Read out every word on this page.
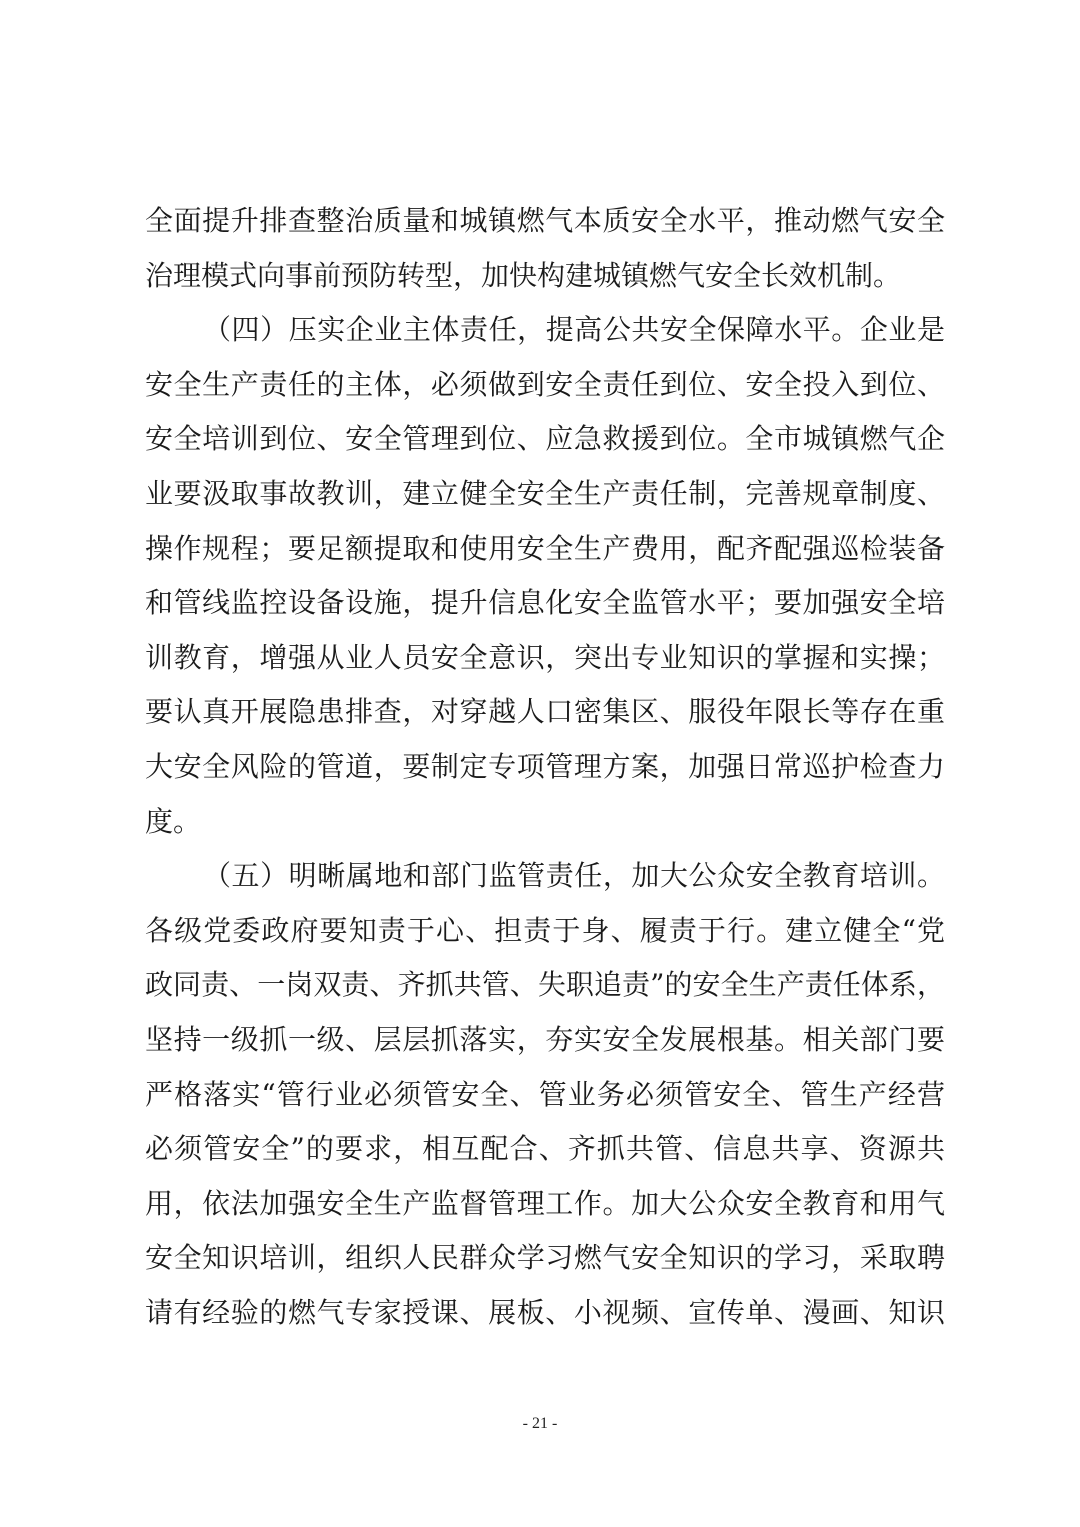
全面提升排查整治质量和城镇燃气本质安全水平，推动燃气安全
治理模式向事前预防转型，加快构建城镇燃气安全长效机制。
（四）压实企业主体责任，提高公共安全保障水平。企业是
安全生产责任的主体，必须做到安全责任到位、安全投入到位、
安全培训到位、安全管理到位、应急救援到位。全市城镇燃气企
业要汲取事故教训，建立健全安全生产责任制，完善规章制度、
操作规程；要足额提取和使用安全生产费用，配齐配强巡检装备
和管线监控设备设施，提升信息化安全监管水平；要加强安全培
训教育，增强从业人员安全意识，突出专业知识的掌握和实操；
要认真开展隐患排查，对穿越人口密集区、服役年限长等存在重
大安全风险的管道，要制定专项管理方案，加强日常巡护检查力
度。
（五）明晰属地和部门监管责任，加大公众安全教育培训。
各级党委政府要知责于心、担责于身、履责于行。建立健全“党
政同责、一岗双责、齐抓共管、失职追责”的安全生产责任体系，
坚持一级抓一级、层层抓落实，夯实安全发展根基。相关部门要
严格落实“管行业必须管安全、管业务必须管安全、管生产经营
必须管安全”的要求，相互配合、齐抓共管、信息共享、资源共
用，依法加强安全生产监督管理工作。加大公众安全教育和用气
安全知识培训，组织人民群众学习燃气安全知识的学习，采取聘
请有经验的燃气专家授课、展板、小视频、宣传单、漫画、知识
- 21 -
